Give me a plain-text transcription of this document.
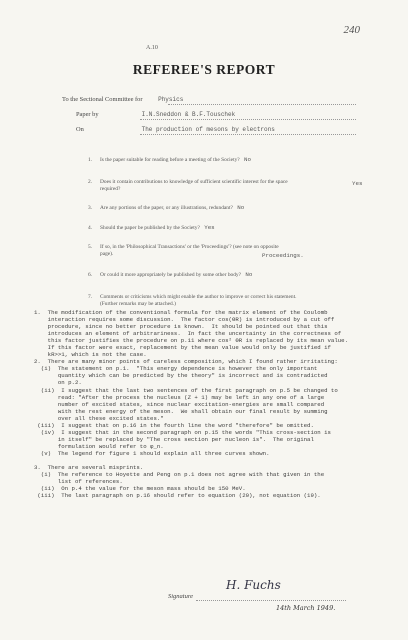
240
A.10
REFEREE'S REPORT
To the Sectional Committee for	Physics
Paper by	I.N.Sneddon & B.F.Touschek
On	The production of mesons by electrons
1. Is the paper suitable for reading before a meeting of the Society? No
2. Does it contain contributions to knowledge of sufficient scientific interest for the space
required?
Yes
3. Are any portions of the paper, or any illustrations, redundant? No
4. Should the paper be published by the Society? Yes
5. If so, in the 'Philosophical Transactions' or the 'Proceedings'? (see note on opposite
page).	Proceedings.
6. Or could it more appropriately be published by some other body? No
7. Comments or criticisms which might enable the author to improve or correct his statement.
(Further remarks may be attached.)
1.  The modification of the conventional formula for the matrix element of the Coulomb
interaction requires some discussion.  The factor cos(ΘR) is introduced by a cut off
procedure, since no better procedure is known.  It should be pointed out that this
introduces an element of arbitrariness.  In fact the uncertainty in the correctness of
this factor justifies the procedure on p.11 where cos² ΘR is replaced by its mean value.
If this factor were exact, replacement by the mean value would only be justified if
kR>>1, which is not the case.
2.  There are many minor points of careless composition, which I found rather irritating:
(i)  The statement on p.1.  "This energy dependence is however the only important
quantity which can be predicted by the theory" is incorrect and is contradicted
on p.2.
(ii)  I suggest that the last two sentences of the first paragraph on p.5 be changed to
read: "After the process the nucleus (Z + 1) may be left in any one of a large
number of excited states, since nuclear excitation-energies are small compared
with the rest energy of the meson.  We shall obtain our final result by summing
over all these excited states."
(iii)  I suggest that on p.16 in the fourth line the word "therefore" be omitted.
(iv)  I suggest that in the second paragraph on p.15 the words "This cross-section is
in itself" be replaced by "The cross section per nucleon is".  The original
formulation would refer to φ_n.
(v)  The legend for figure 1 should explain all three curves shown.
3.  There are several misprints.
(i)  The reference to Hoyette and Peng on p.1 does not agree with that given in the
list of references.
(ii)  On p.4 the value for the meson mass should be 150 MeV.
(iii)  The last paragraph on p.16 should refer to equation (20), not equation (19).
Signature
H. Fuchs
14th March 1949.
